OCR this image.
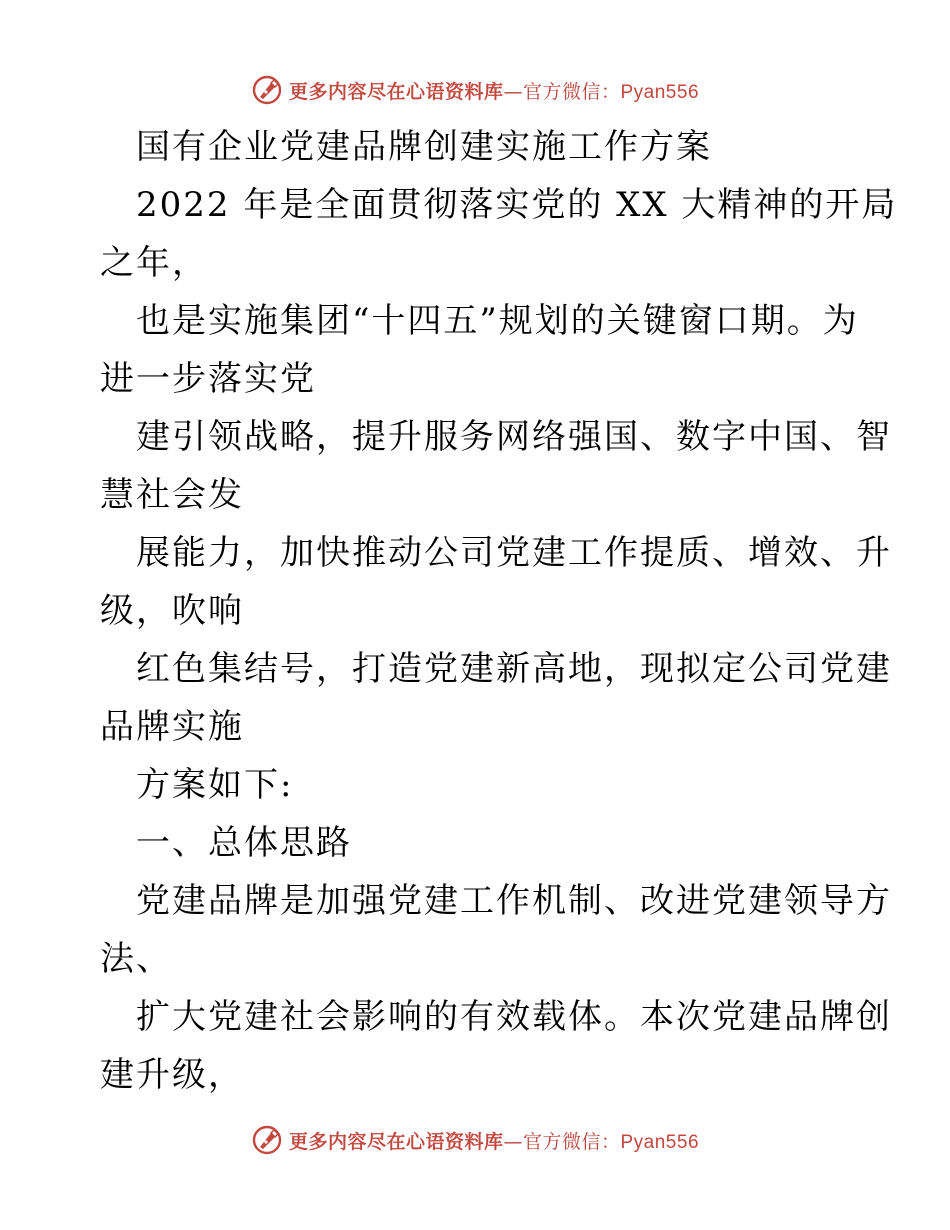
更多内容尽在心语资料库—官方微信：Pyan556
国有企业党建品牌创建实施工作方案
2022 年是全面贯彻落实党的 XX 大精神的开局
之年，
也是实施集团“十四五”规划的关键窗口期。为
进一步落实党
建引领战略，提升服务网络强国、数字中国、智
慧社会发
展能力，加快推动公司党建工作提质、增效、升
级，吹响
红色集结号，打造党建新高地，现拟定公司党建
品牌实施
方案如下:
一、总体思路
党建品牌是加强党建工作机制、改进党建领导方
法、
扩大党建社会影响的有效载体。本次党建品牌创
建升级，
更多内容尽在心语资料库—官方微信：Pyan556
